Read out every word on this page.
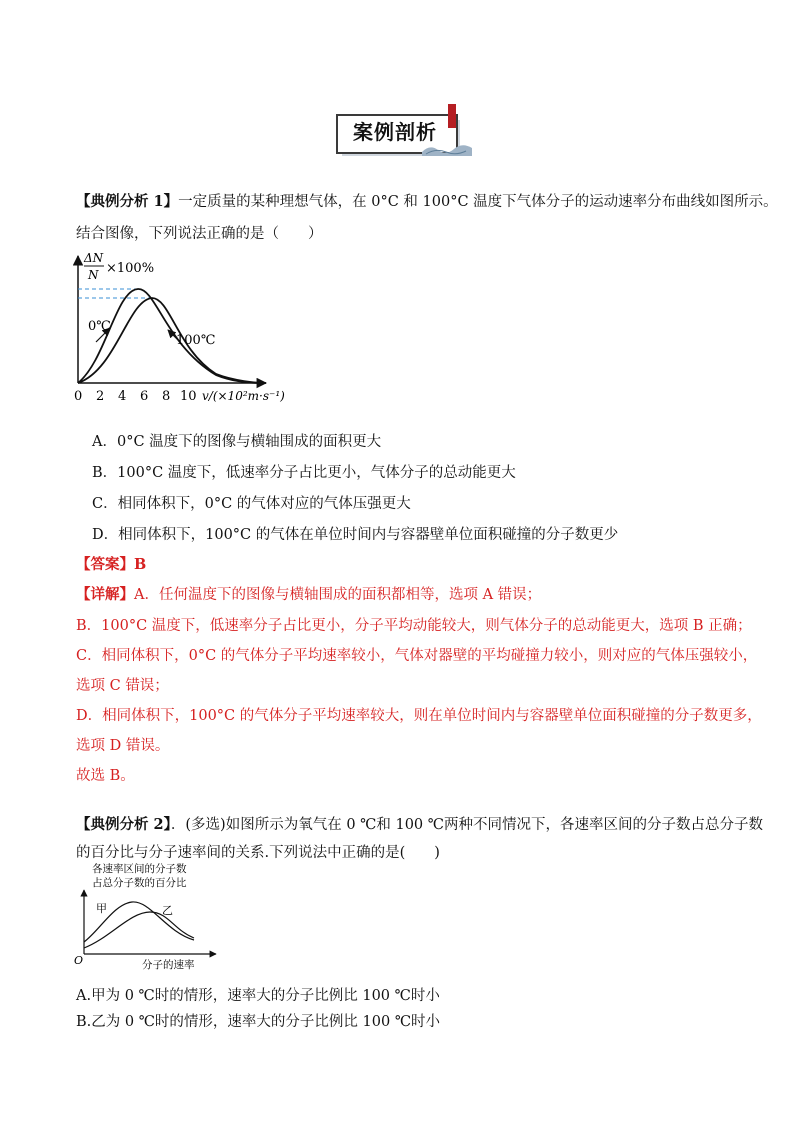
案例剖析
【典例分析 1】一定质量的某种理想气体，在 0°C 和 100°C 温度下气体分子的运动速率分布曲线如图所示。
结合图像，下列说法正确的是（　　）
0℃
100℃
ΔN
N ×100%
0 2 4 6 8 10 v/(×10²m·s⁻¹)
A．0°C 温度下的图像与横轴围成的面积更大
B．100°C 温度下，低速率分子占比更小，气体分子的总动能更大
C．相同体积下，0°C 的气体对应的气体压强更大
D．相同体积下，100°C 的气体在单位时间内与容器壁单位面积碰撞的分子数更少
【答案】B
【详解】A．任何温度下的图像与横轴围成的面积都相等，选项 A 错误；
B．100°C 温度下，低速率分子占比更小，分子平均动能较大，则气体分子的总动能更大，选项 B 正确；
C．相同体积下，0°C 的气体分子平均速率较小，气体对器壁的平均碰撞力较小，则对应的气体压强较小，
选项 C 错误；
D．相同体积下，100°C 的气体分子平均速率较大，则在单位时间内与容器壁单位面积碰撞的分子数更多，
选项 D 错误。
故选 B。
【典例分析 2】．(多选)如图所示为氧气在 0 ℃和 100 ℃两种不同情况下，各速率区间的分子数占总分子数
的百分比与分子速率间的关系.下列说法中正确的是(　　)
各速率区间的分子数
占总分子数的百分比
甲	乙
O	分子的速率
A.甲为 0 ℃时的情形，速率大的分子比例比 100 ℃时小
B.乙为 0 ℃时的情形，速率大的分子比例比 100 ℃时小
